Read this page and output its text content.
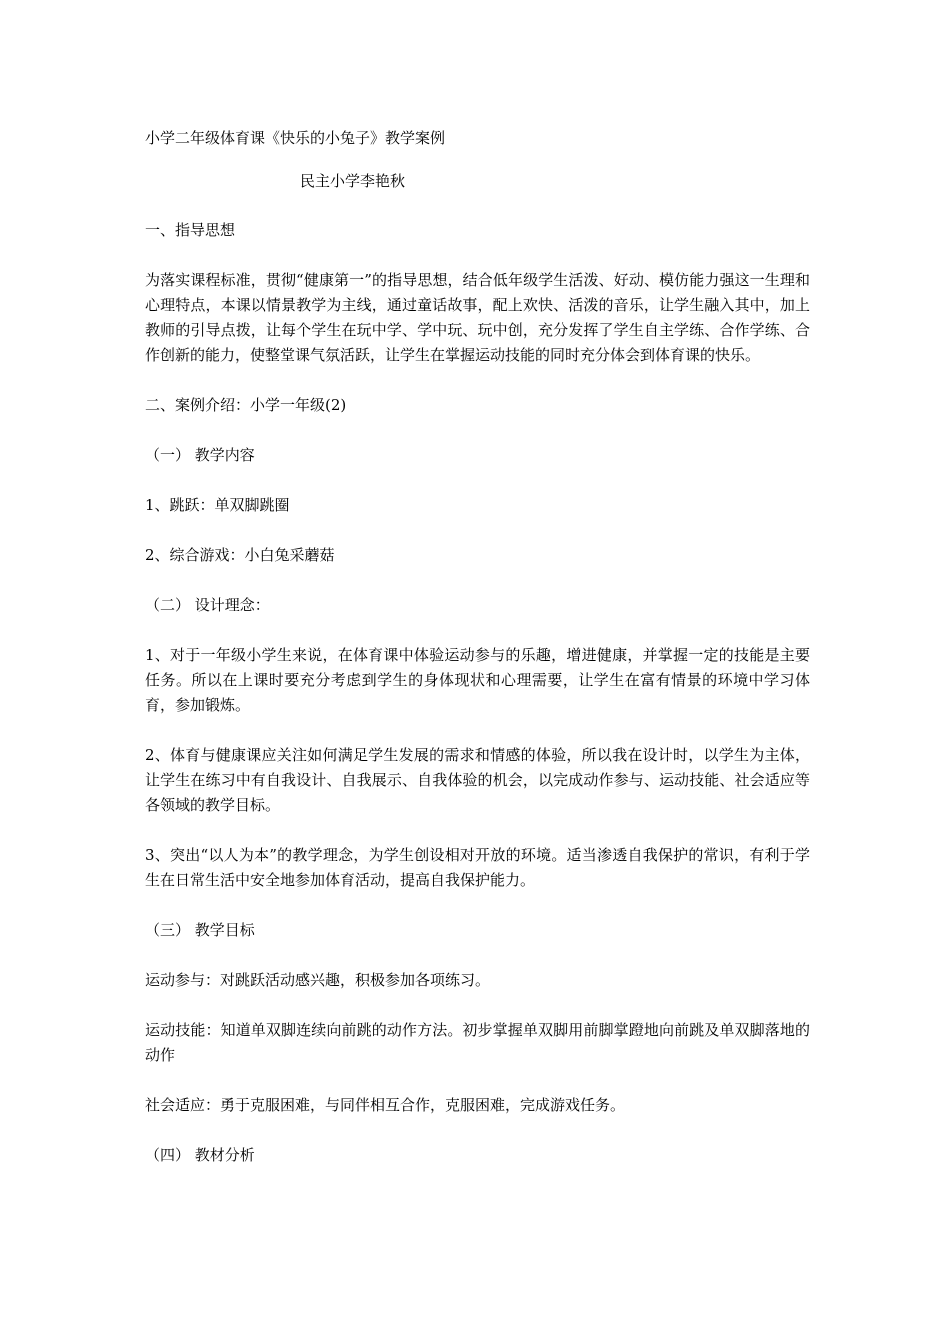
小学二年级体育课《快乐的小兔子》教学案例
民主小学李艳秋
一、指导思想
为落实课程标准，贯彻“健康第一”的指导思想，结合低年级学生活泼、好动、模仿能力强这一生理和心理特点，本课以情景教学为主线，通过童话故事，配上欢快、活泼的音乐，让学生融入其中，加上教师的引导点拨，让每个学生在玩中学、学中玩、玩中创，充分发挥了学生自主学练、合作学练、合作创新的能力，使整堂课气氛活跃，让学生在掌握运动技能的同时充分体会到体育课的快乐。
二、案例介绍：小学一年级(2)
（一） 教学内容
1、跳跃：单双脚跳圈
2、综合游戏：小白兔采蘑菇
（二） 设计理念：
1、对于一年级小学生来说，在体育课中体验运动参与的乐趣，增进健康，并掌握一定的技能是主要任务。所以在上课时要充分考虑到学生的身体现状和心理需要，让学生在富有情景的环境中学习体育，参加锻炼。
2、体育与健康课应关注如何满足学生发展的需求和情感的体验，所以我在设计时，以学生为主体，让学生在练习中有自我设计、自我展示、自我体验的机会，以完成动作参与、运动技能、社会适应等各领域的教学目标。
3、突出“以人为本”的教学理念，为学生创设相对开放的环境。适当渗透自我保护的常识，有利于学生在日常生活中安全地参加体育活动，提高自我保护能力。
（三） 教学目标
运动参与：对跳跃活动感兴趣，积极参加各项练习。
运动技能：知道单双脚连续向前跳的动作方法。初步掌握单双脚用前脚掌蹬地向前跳及单双脚落地的动作
社会适应：勇于克服困难，与同伴相互合作，克服困难，完成游戏任务。
（四） 教材分析
